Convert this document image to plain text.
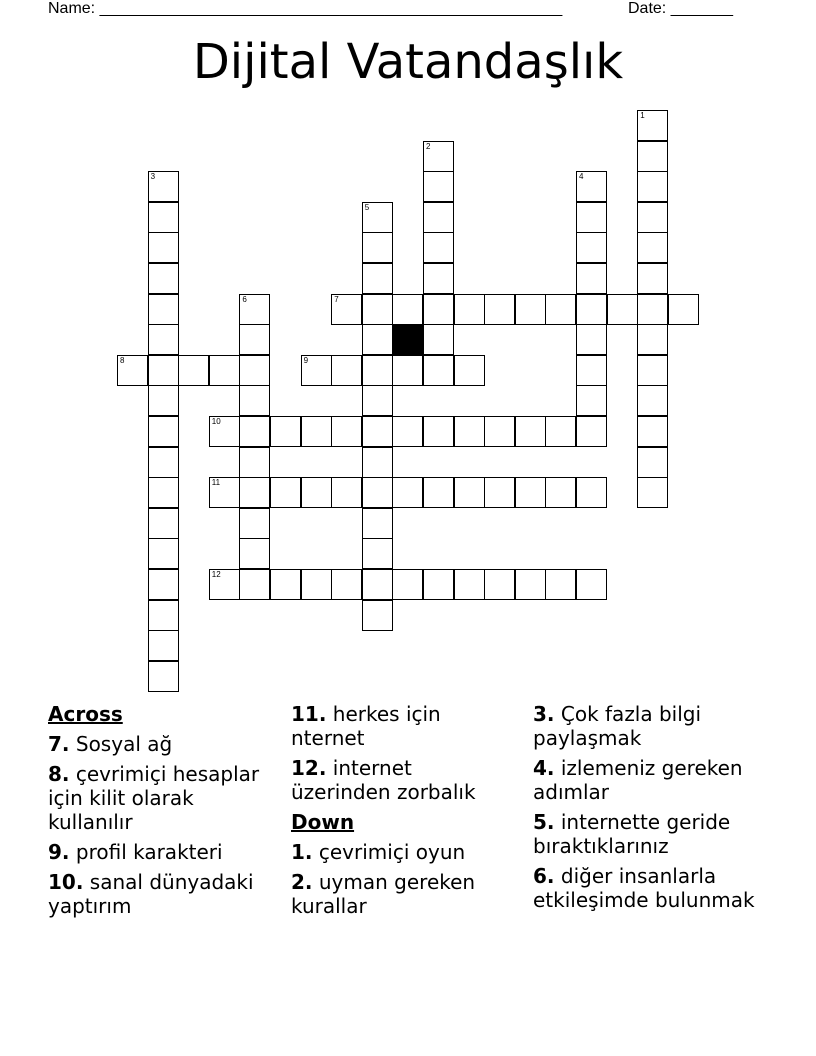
Name: ____________________________________________________	Date: _______
Dijital Vatandaşlık
7
8	9
10
11
12
1
2
3	4
5
6
Across
7. Sosyal ağ
8. çevrimiçi hesaplar için kilit olarak kullanılır
9. profil karakteri
10. sanal dünyadaki yaptırım
11. herkes için nternet
12. internet üzerinden zorbalık
Down
1. çevrimiçi oyun
2. uyman gereken kurallar
3. Çok fazla bilgi paylaşmak
4. izlemeniz gereken adımlar
5. internette geride bıraktıklarınız
6. diğer insanlarla etkileşimde bulunmak
